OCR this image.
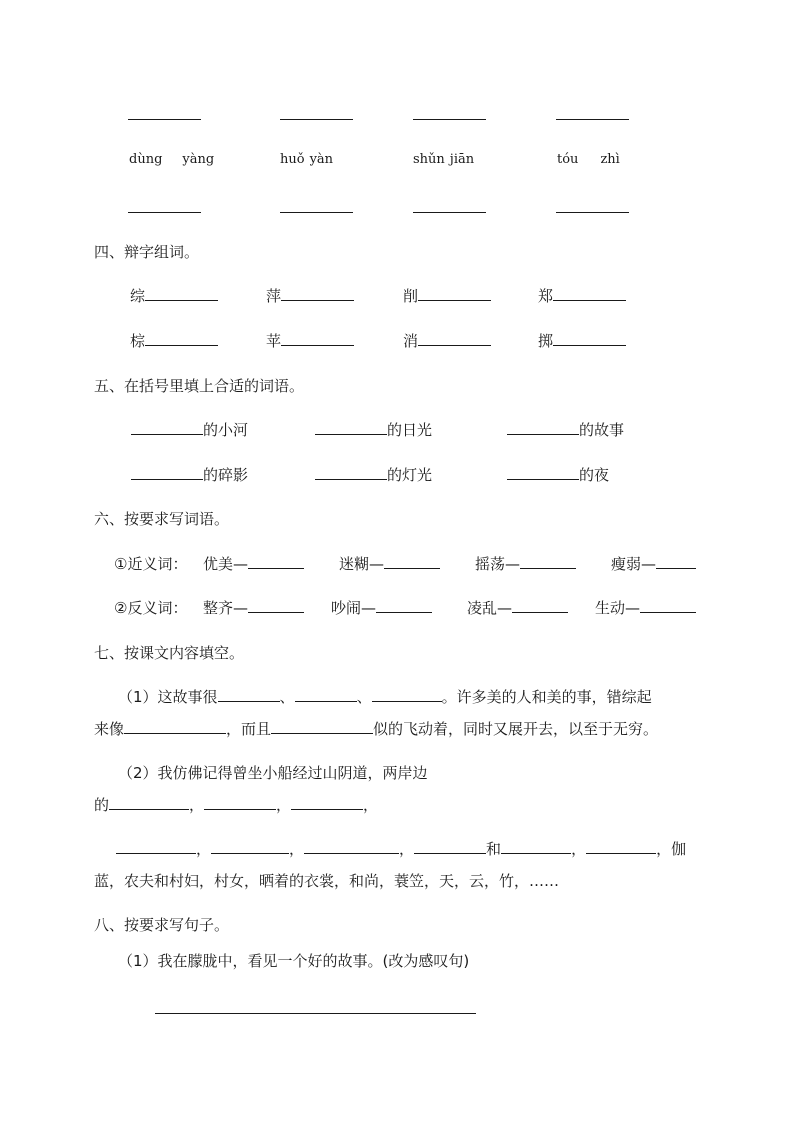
dùng yàng	huǒ yàn	shǔn jiān	tóu zhì
四、辩字组词。
综	萍	削	郑
棕	苹	消	掷
五、在括号里填上合适的词语。
的小河	的日光	的故事
的碎影	的灯光	的夜
六、按要求写词语。
①近义词： 优美—	迷糊—	摇荡—	瘦弱—
②反义词： 整齐—	吵闹—	凌乱—	生动—
七、按课文内容填空。
（1）这故事很	、	、	。许多美的人和美的事，错综起
来像	，而且	似的飞动着，同时又展开去，以至于无穷。
（2）我仿佛记得曾坐小船经过山阴道，两岸边
的	，	，	，
，	，	，	和	，	，伽
蓝，农夫和村妇，村女，晒着的衣裳，和尚，蓑笠，天，云，竹，……
八、按要求写句子。
（1）我在朦胧中，看见一个好的故事。(改为感叹句)
